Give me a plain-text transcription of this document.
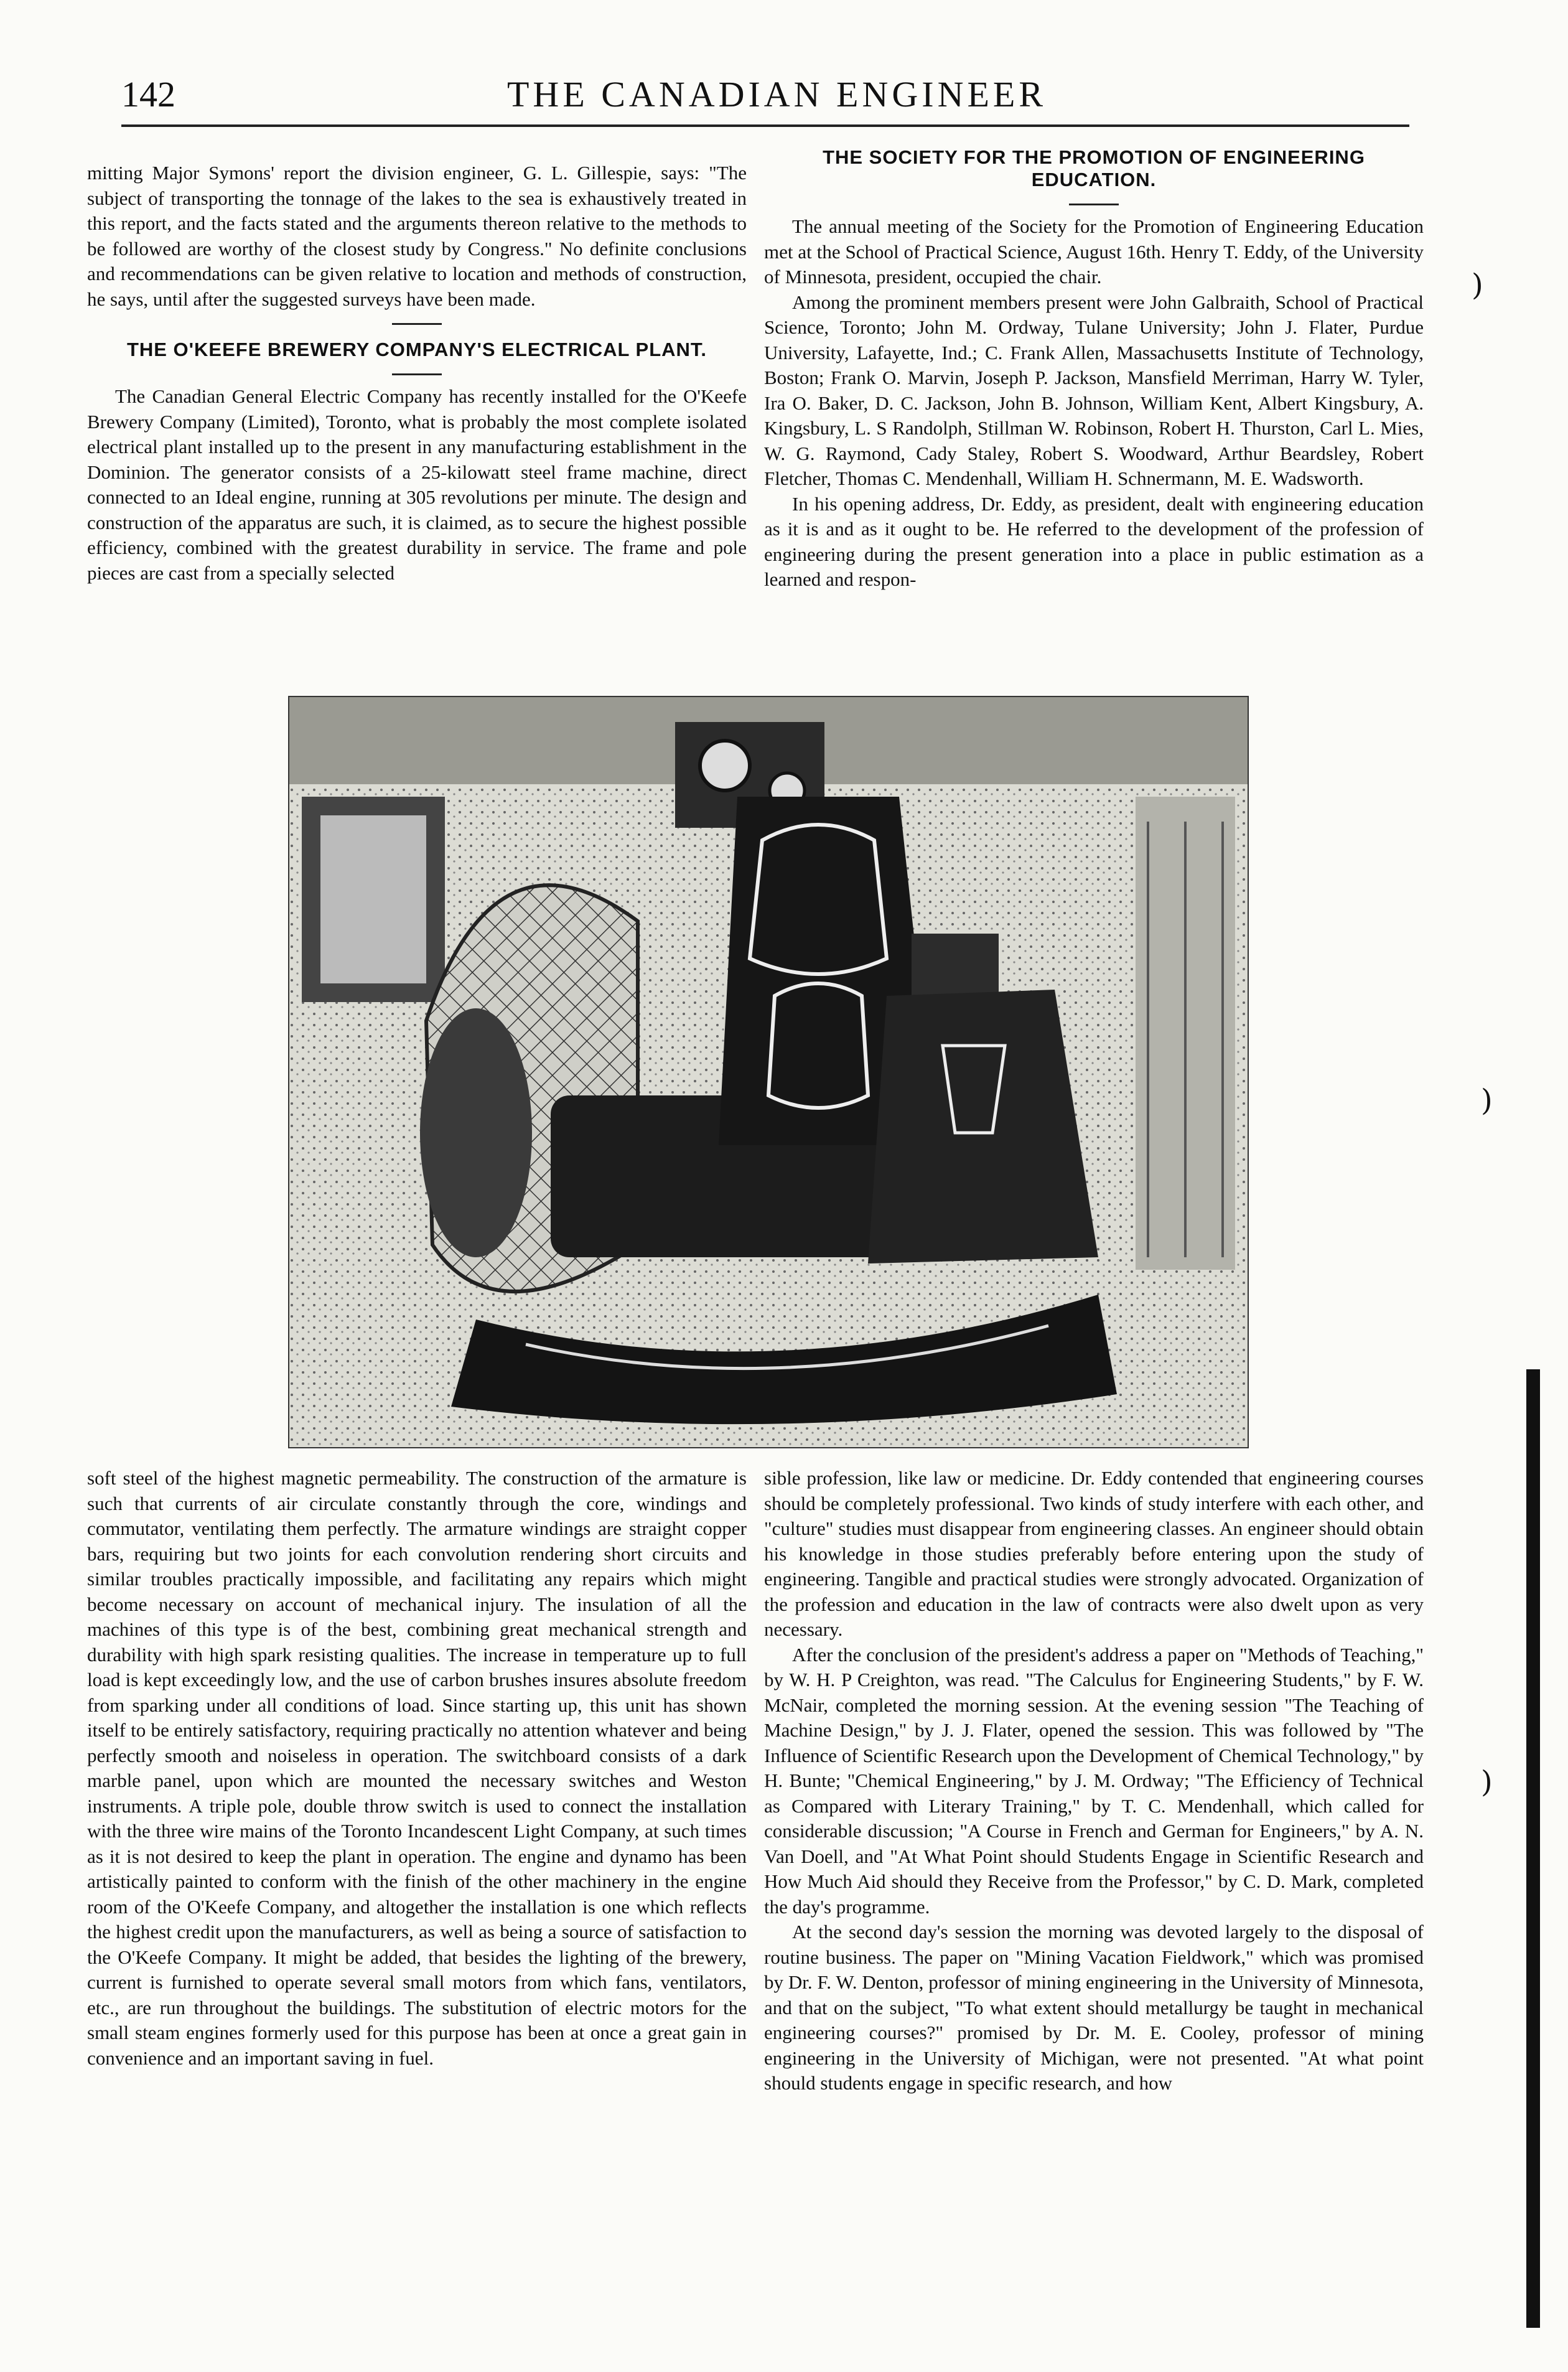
142	THE CANADIAN ENGINEER

mitting Major Symons' report the division engineer, G. L. Gillespie, says: "The subject of transporting the tonnage of the lakes to the sea is exhaustively treated in this report, and the facts stated and the arguments thereon relative to the methods to be followed are worthy of the closest study by Congress." No definite conclusions and recommendations can be given relative to location and methods of construction, he says, until after the suggested surveys have been made.

THE O'KEEFE BREWERY COMPANY'S ELECTRICAL PLANT.

The Canadian General Electric Company has recently installed for the O'Keefe Brewery Company (Limited), Toronto, what is probably the most complete isolated electrical plant installed up to the present in any manufacturing establishment in the Dominion. The generator consists of a 25-kilowatt steel frame machine, direct connected to an Ideal engine, running at 305 revolutions per minute. The design and construction of the apparatus are such, it is claimed, as to secure the highest possible efficiency, combined with the greatest durability in service. The frame and pole pieces are cast from a specially selected

THE SOCIETY FOR THE PROMOTION OF ENGINEERING EDUCATION.

The annual meeting of the Society for the Promotion of Engineering Education met at the School of Practical Science, August 16th. Henry T. Eddy, of the University of Minnesota, president, occupied the chair.

Among the prominent members present were John Galbraith, School of Practical Science, Toronto; John M. Ordway, Tulane University; John J. Flater, Purdue University, Lafayette, Ind.; C. Frank Allen, Massachusetts Institute of Technology, Boston; Frank O. Marvin, Joseph P. Jackson, Mansfield Merriman, Harry W. Tyler, Ira O. Baker, D. C. Jackson, John B. Johnson, William Kent, Albert Kingsbury, A. Kingsbury, L. S Randolph, Stillman W. Robinson, Robert H. Thurston, Carl L. Mies, W. G. Raymond, Cady Staley, Robert S. Woodward, Arthur Beardsley, Robert Fletcher, Thomas C. Mendenhall, William H. Schnermann, M. E. Wadsworth.

In his opening address, Dr. Eddy, as president, dealt with engineering education as it is and as it ought to be. He referred to the development of the profession of engineering during the present generation into a place in public estimation as a learned and respon-

soft steel of the highest magnetic permeability. The construction of the armature is such that currents of air circulate constantly through the core, windings and commutator, ventilating them perfectly. The armature windings are straight copper bars, requiring but two joints for each convolution rendering short circuits and similar troubles practically impossible, and facilitating any repairs which might become necessary on account of mechanical injury. The insulation of all the machines of this type is of the best, combining great mechanical strength and durability with high spark resisting qualities. The increase in temperature up to full load is kept exceedingly low, and the use of carbon brushes insures absolute freedom from sparking under all conditions of load. Since starting up, this unit has shown itself to be entirely satisfactory, requiring practically no attention whatever and being perfectly smooth and noiseless in operation. The switchboard consists of a dark marble panel, upon which are mounted the necessary switches and Weston instruments. A triple pole, double throw switch is used to connect the installation with the three wire mains of the Toronto Incandescent Light Company, at such times as it is not desired to keep the plant in operation. The engine and dynamo has been artistically painted to conform with the finish of the other machinery in the engine room of the O'Keefe Company, and altogether the installation is one which reflects the highest credit upon the manufacturers, as well as being a source of satisfaction to the O'Keefe Company. It might be added, that besides the lighting of the brewery, current is furnished to operate several small motors from which fans, ventilators, etc., are run throughout the buildings. The substitution of electric motors for the small steam engines formerly used for this purpose has been at once a great gain in convenience and an important saving in fuel.

sible profession, like law or medicine. Dr. Eddy contended that engineering courses should be completely professional. Two kinds of study interfere with each other, and "culture" studies must disappear from engineering classes. An engineer should obtain his knowledge in those studies preferably before entering upon the study of engineering. Tangible and practical studies were strongly advocated. Organization of the profession and education in the law of contracts were also dwelt upon as very necessary.

After the conclusion of the president's address a paper on "Methods of Teaching," by W. H. P Creighton, was read. "The Calculus for Engineering Students," by F. W. McNair, completed the morning session. At the evening session "The Teaching of Machine Design," by J. J. Flater, opened the session. This was followed by "The Influence of Scientific Research upon the Development of Chemical Technology," by H. Bunte; "Chemical Engineering," by J. M. Ordway; "The Efficiency of Technical as Compared with Literary Training," by T. C. Mendenhall, which called for considerable discussion; "A Course in French and German for Engineers," by A. N. Van Doell, and "At What Point should Students Engage in Scientific Research and How Much Aid should they Receive from the Professor," by C. D. Mark, completed the day's programme.

At the second day's session the morning was devoted largely to the disposal of routine business. The paper on "Mining Vacation Fieldwork," which was promised by Dr. F. W. Denton, professor of mining engineering in the University of Minnesota, and that on the subject, "To what extent should metallurgy be taught in mechanical engineering courses?" promised by Dr. M. E. Cooley, professor of mining engineering in the University of Michigan, were not presented. "At what point should students engage in specific research, and how

)
)
)
